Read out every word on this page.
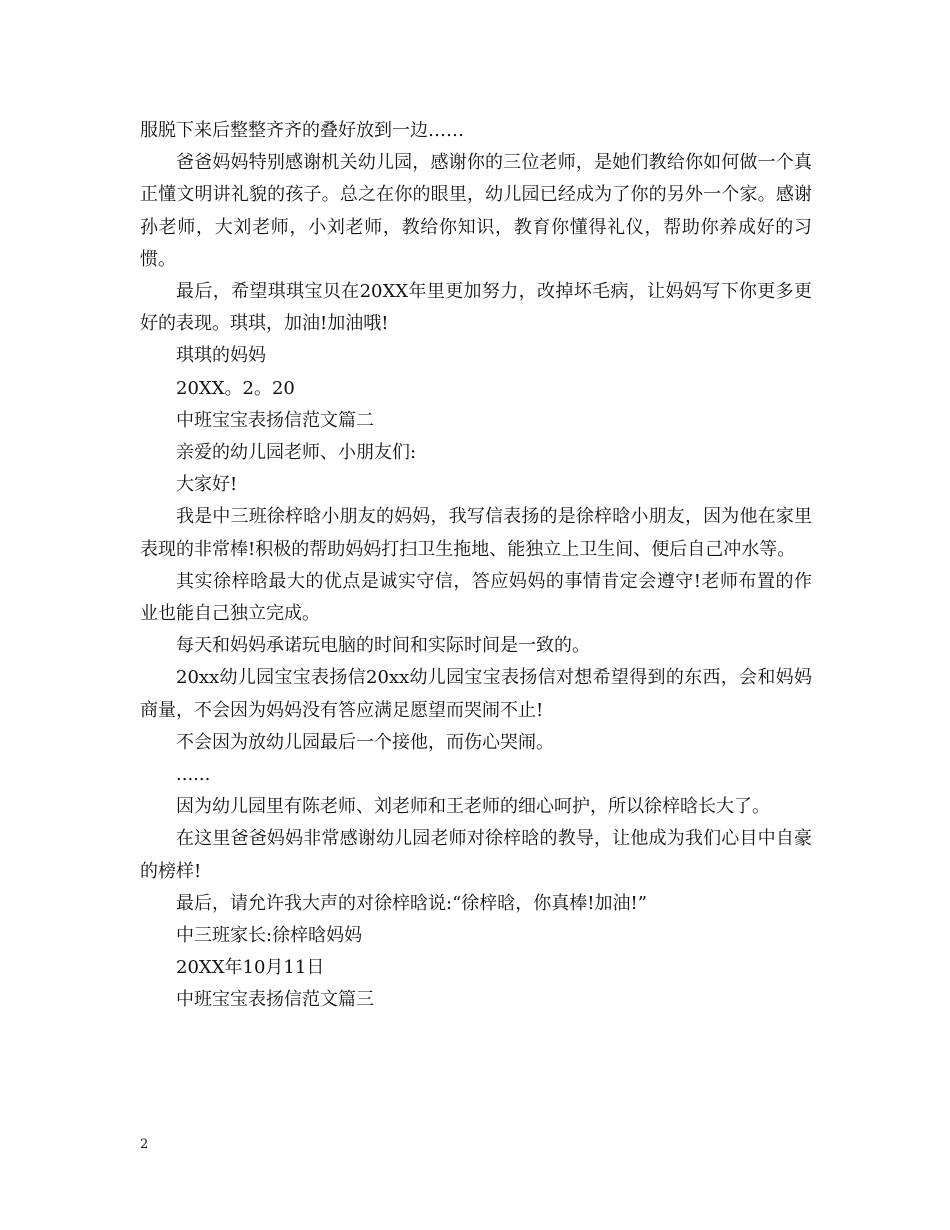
服脱下来后整整齐齐的叠好放到一边……

爸爸妈妈特别感谢机关幼儿园，感谢你的三位老师，是她们教给你如何做一个真正懂文明讲礼貌的孩子。总之在你的眼里，幼儿园已经成为了你的另外一个家。感谢孙老师，大刘老师，小刘老师，教给你知识，教育你懂得礼仪，帮助你养成好的习惯。

最后，希望琪琪宝贝在20XX年里更加努力，改掉坏毛病，让妈妈写下你更多更好的表现。琪琪，加油!加油哦!

琪琪的妈妈

20XX。2。20

中班宝宝表扬信范文篇二

亲爱的幼儿园老师、小朋友们:

大家好!

我是中三班徐梓晗小朋友的妈妈，我写信表扬的是徐梓晗小朋友，因为他在家里表现的非常棒!积极的帮助妈妈打扫卫生拖地、能独立上卫生间、便后自己冲水等。

其实徐梓晗最大的优点是诚实守信，答应妈妈的事情肯定会遵守!老师布置的作业也能自己独立完成。

每天和妈妈承诺玩电脑的时间和实际时间是一致的。

20xx幼儿园宝宝表扬信20xx幼儿园宝宝表扬信对想希望得到的东西，会和妈妈商量，不会因为妈妈没有答应满足愿望而哭闹不止!

不会因为放幼儿园最后一个接他，而伤心哭闹。

......

因为幼儿园里有陈老师、刘老师和王老师的细心呵护，所以徐梓晗长大了。

在这里爸爸妈妈非常感谢幼儿园老师对徐梓晗的教导，让他成为我们心目中自豪的榜样!

最后，请允许我大声的对徐梓晗说:“徐梓晗，你真棒!加油!”

中三班家长:徐梓晗妈妈

20XX年10月11日

中班宝宝表扬信范文篇三

2
